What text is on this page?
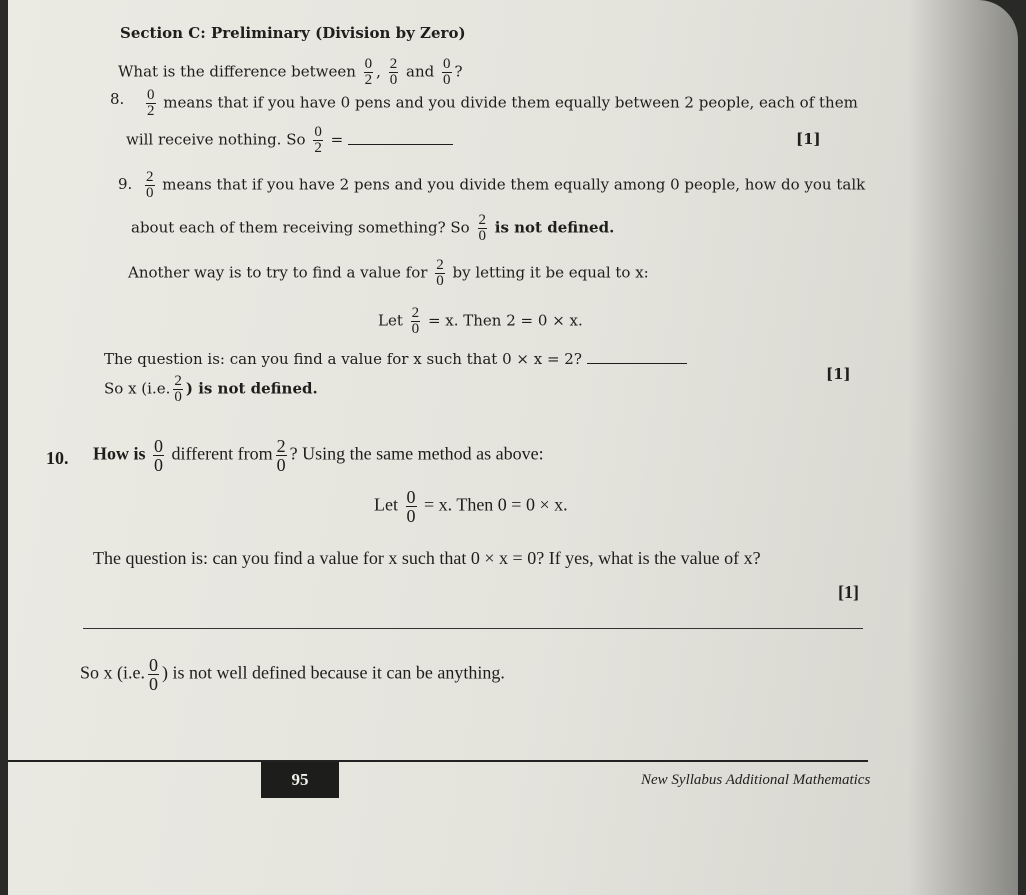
Section C: Preliminary (Division by Zero)
What is the difference between $\frac{0}{2}$ , $\frac{2}{0}$ and $\frac{0}{0}$ ?
8. $\frac{0}{2}$ means that if you have 0 pens and you divide them equally between 2 people, each of them
will receive nothing. So $\frac{0}{2}$ =	[1]
9. $\frac{2}{0}$ means that if you have 2 pens and you divide them equally among 0 people, how do you talk
about each of them receiving something? So $\frac{2}{0}$ is not defined.
Another way is to try to find a value for $\frac{2}{0}$ by letting it be equal to x:
Let $\frac{2}{0} = x$. Then 2 = 0 × x.
The question is: can you find a value for x such that 0 × x = 2?
[1]
So x (i.e. $\frac{2}{0}$ ) is not defined.
10. How is $\frac{0}{0}$ different from $\frac{2}{0}$ ? Using the same method as above:
Let $\frac{0}{0} = x$. Then 0 = 0 × x.
The question is: can you find a value for x such that 0 × x = 0? If yes, what is the value of x?
[1]
So x (i.e. $\frac{0}{0}$ ) is not well defined because it can be anything.
95	New Syllabus Additional Mathematics
